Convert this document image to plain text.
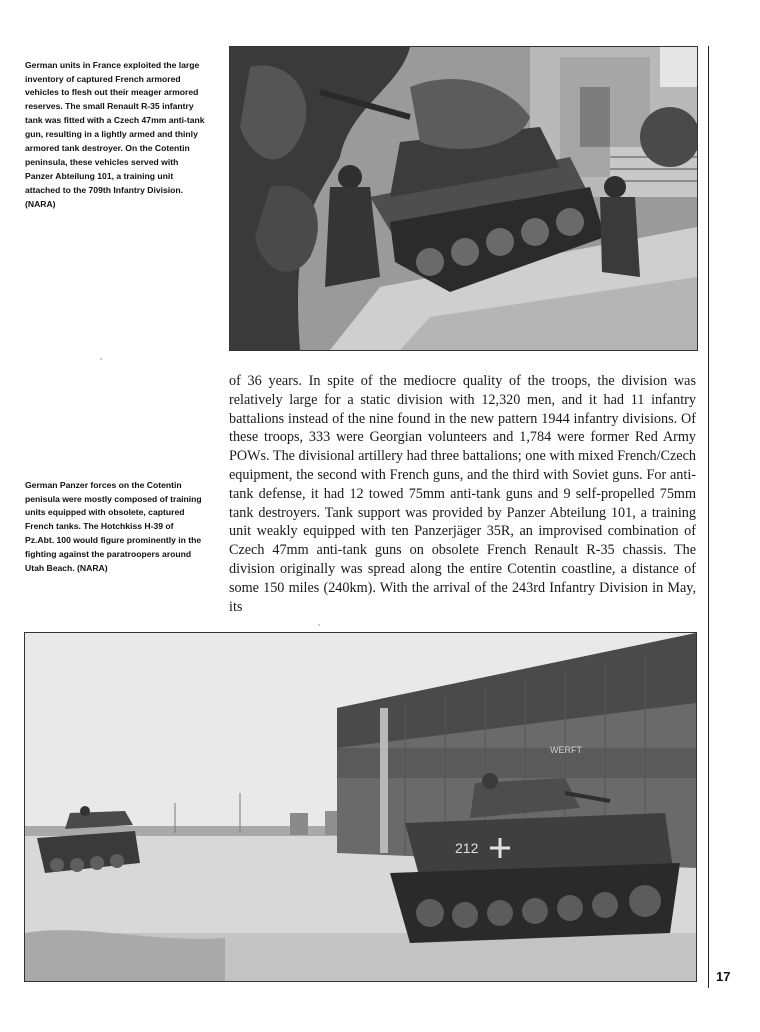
German units in France exploited the large inventory of captured French armored vehicles to flesh out their meager armored reserves. The small Renault R-35 infantry tank was fitted with a Czech 47mm anti-tank gun, resulting in a lightly armed and thinly armored tank destroyer. On the Cotentin peninsula, these vehicles served with Panzer Abteilung 101, a training unit attached to the 709th Infantry Division. (NARA)

of 36 years. In spite of the mediocre quality of the troops, the division was relatively large for a static division with 12,320 men, and it had 11 infantry battalions instead of the nine found in the new pattern 1944 infantry divisions. Of these troops, 333 were Georgian volunteers and 1,784 were former Red Army POWs. The divisional artillery had three battalions; one with mixed French/Czech equipment, the second with French guns, and the third with Soviet guns. For anti-tank defense, it had 12 towed 75mm anti-tank guns and 9 self-propelled 75mm tank destroyers. Tank support was provided by Panzer Abteilung 101, a training unit weakly equipped with ten Panzerjäger 35R, an improvised combination of Czech 47mm anti-tank guns on obsolete French Renault R-35 chassis. The division originally was spread along the entire Cotentin coastline, a distance of some 150 miles (240km). With the arrival of the 243rd Infantry Division in May, its

German Panzer forces on the Cotentin penisula were mostly composed of training units equipped with obsolete, captured French tanks. The Hotchkiss H-39 of Pz.Abt. 100 would figure prominently in the fighting against the paratroopers around Utah Beach. (NARA)

WERFT
212
17
